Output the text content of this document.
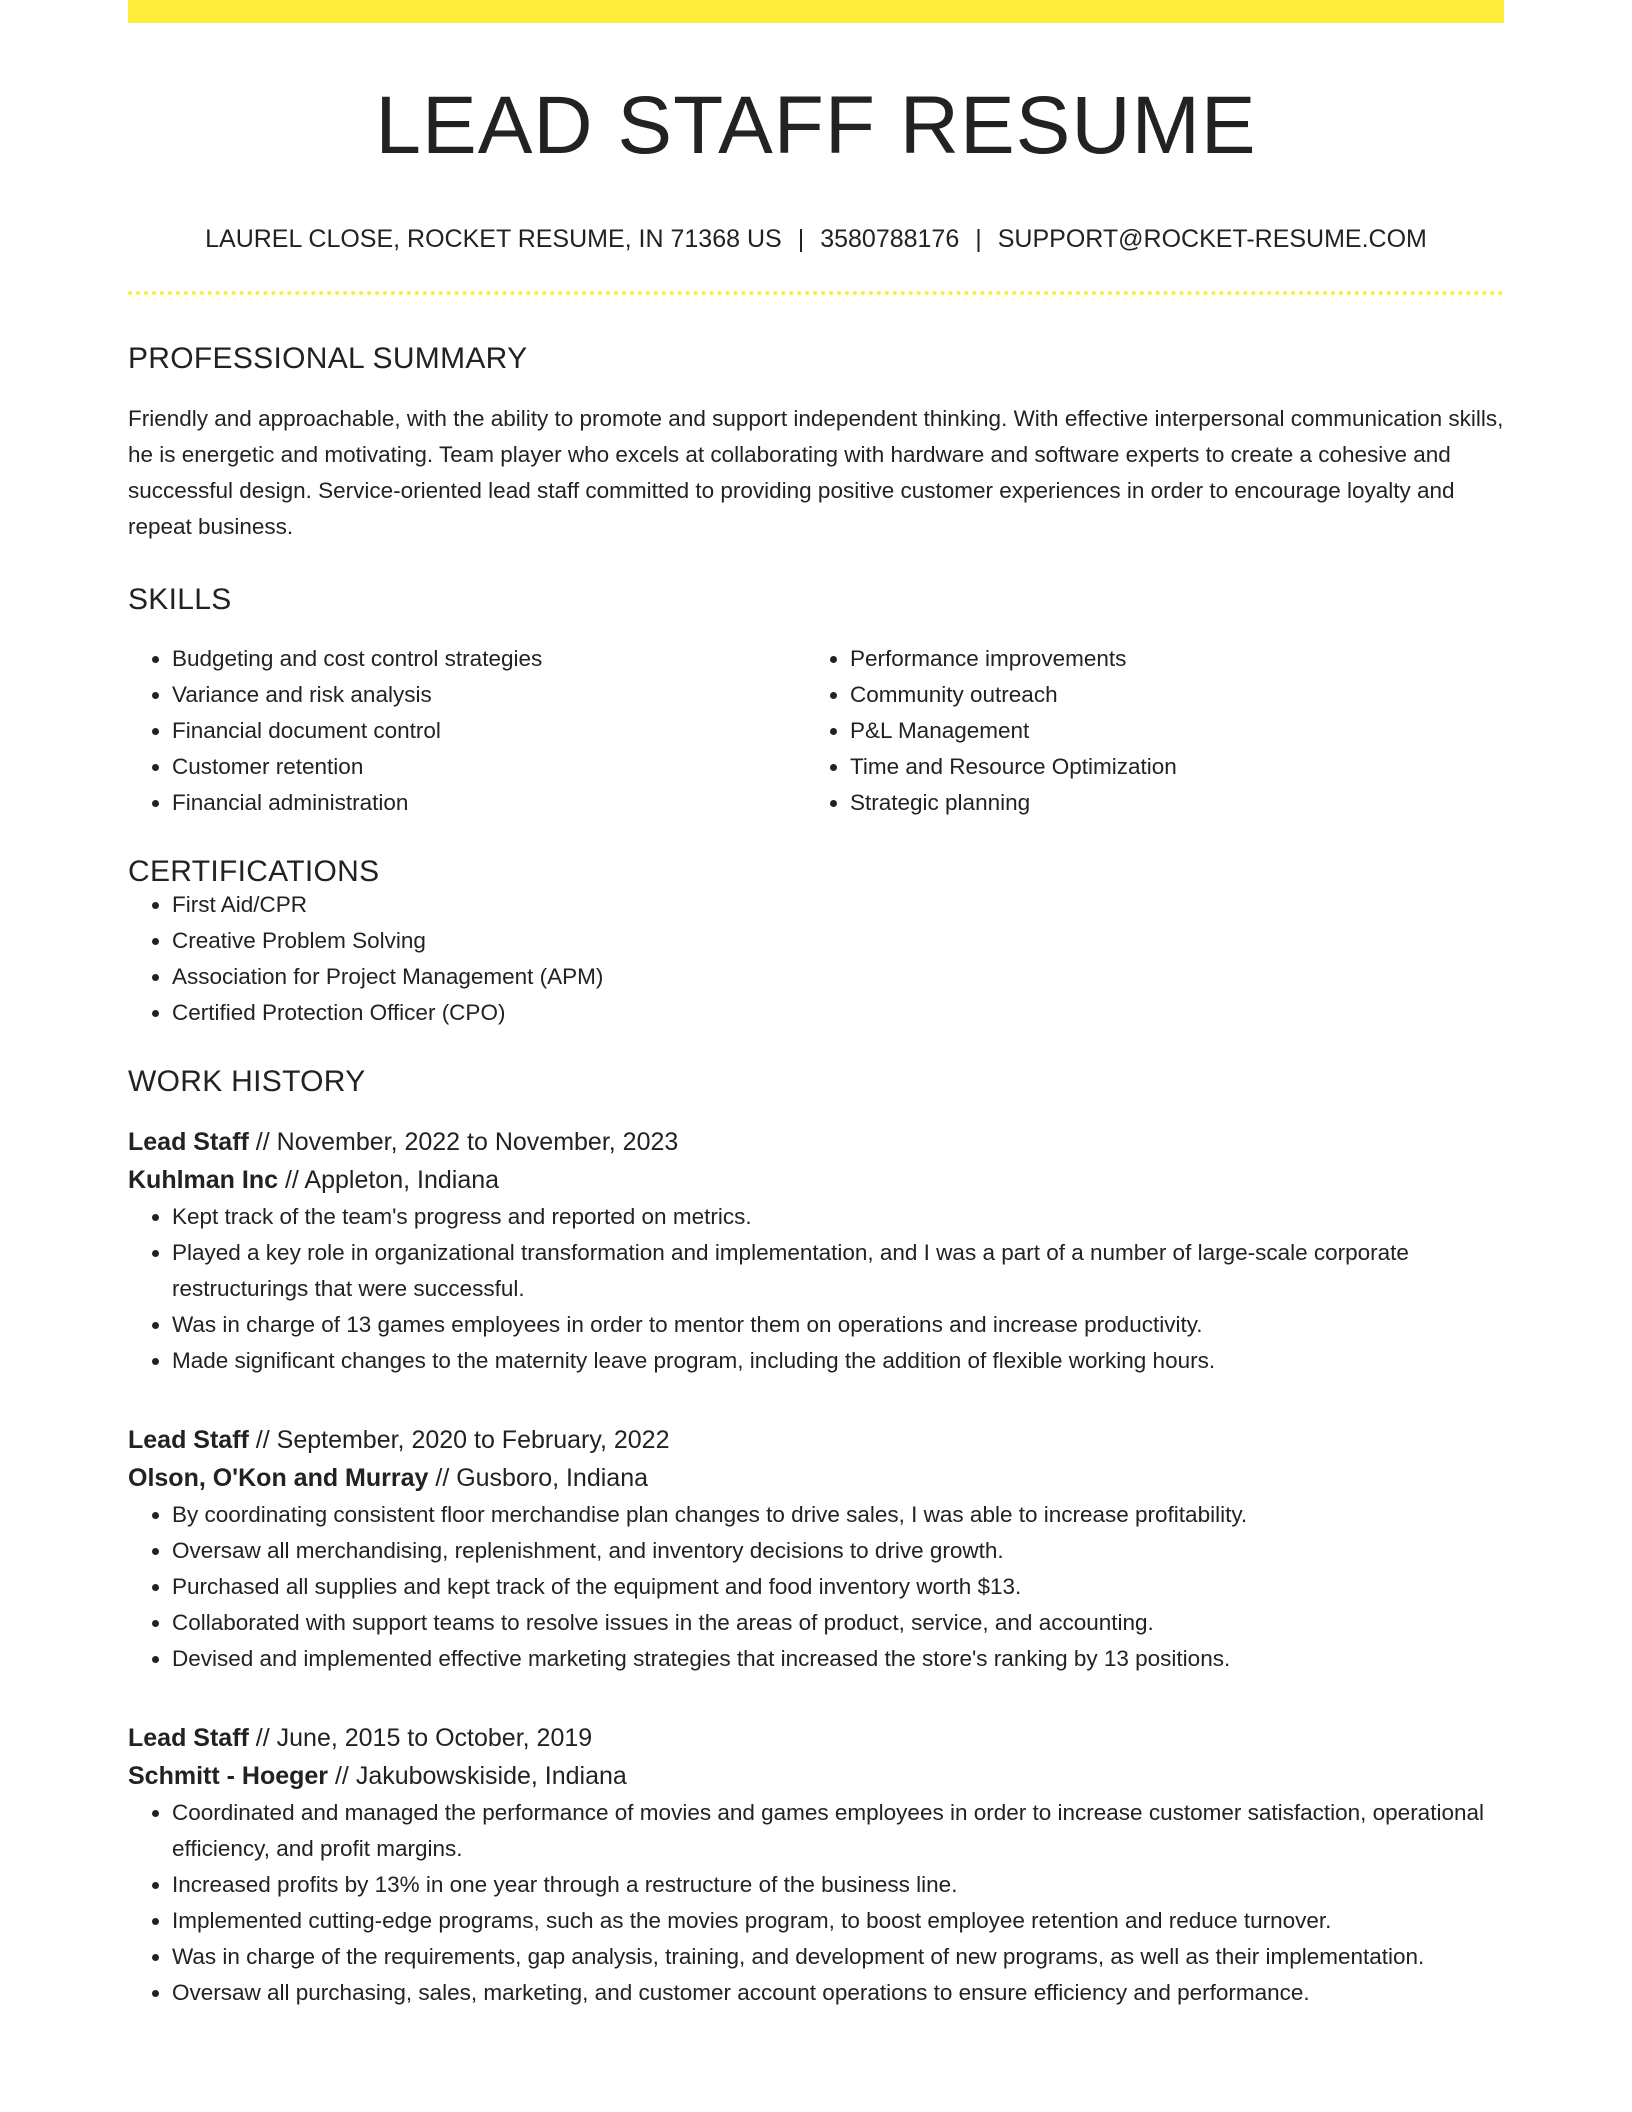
LEAD STAFF RESUME
LAUREL CLOSE, ROCKET RESUME, IN 71368 US | 3580788176 | SUPPORT@ROCKET-RESUME.COM
PROFESSIONAL SUMMARY
Friendly and approachable, with the ability to promote and support independent thinking. With effective interpersonal communication skills, he is energetic and motivating. Team player who excels at collaborating with hardware and software experts to create a cohesive and successful design. Service-oriented lead staff committed to providing positive customer experiences in order to encourage loyalty and repeat business.
SKILLS
• Budgeting and cost control strategies
• Variance and risk analysis
• Financial document control
• Customer retention
• Financial administration
• Performance improvements
• Community outreach
• P&L Management
• Time and Resource Optimization
• Strategic planning
CERTIFICATIONS
• First Aid/CPR
• Creative Problem Solving
• Association for Project Management (APM)
• Certified Protection Officer (CPO)
WORK HISTORY
Lead Staff // November, 2022 to November, 2023
Kuhlman Inc // Appleton, Indiana
• Kept track of the team's progress and reported on metrics.
• Played a key role in organizational transformation and implementation, and I was a part of a number of large-scale corporate restructurings that were successful.
• Was in charge of 13 games employees in order to mentor them on operations and increase productivity.
• Made significant changes to the maternity leave program, including the addition of flexible working hours.
Lead Staff // September, 2020 to February, 2022
Olson, O'Kon and Murray // Gusboro, Indiana
• By coordinating consistent floor merchandise plan changes to drive sales, I was able to increase profitability.
• Oversaw all merchandising, replenishment, and inventory decisions to drive growth.
• Purchased all supplies and kept track of the equipment and food inventory worth $13.
• Collaborated with support teams to resolve issues in the areas of product, service, and accounting.
• Devised and implemented effective marketing strategies that increased the store's ranking by 13 positions.
Lead Staff // June, 2015 to October, 2019
Schmitt - Hoeger // Jakubowskiside, Indiana
• Coordinated and managed the performance of movies and games employees in order to increase customer satisfaction, operational efficiency, and profit margins.
• Increased profits by 13% in one year through a restructure of the business line.
• Implemented cutting-edge programs, such as the movies program, to boost employee retention and reduce turnover.
• Was in charge of the requirements, gap analysis, training, and development of new programs, as well as their implementation.
• Oversaw all purchasing, sales, marketing, and customer account operations to ensure efficiency and performance.
